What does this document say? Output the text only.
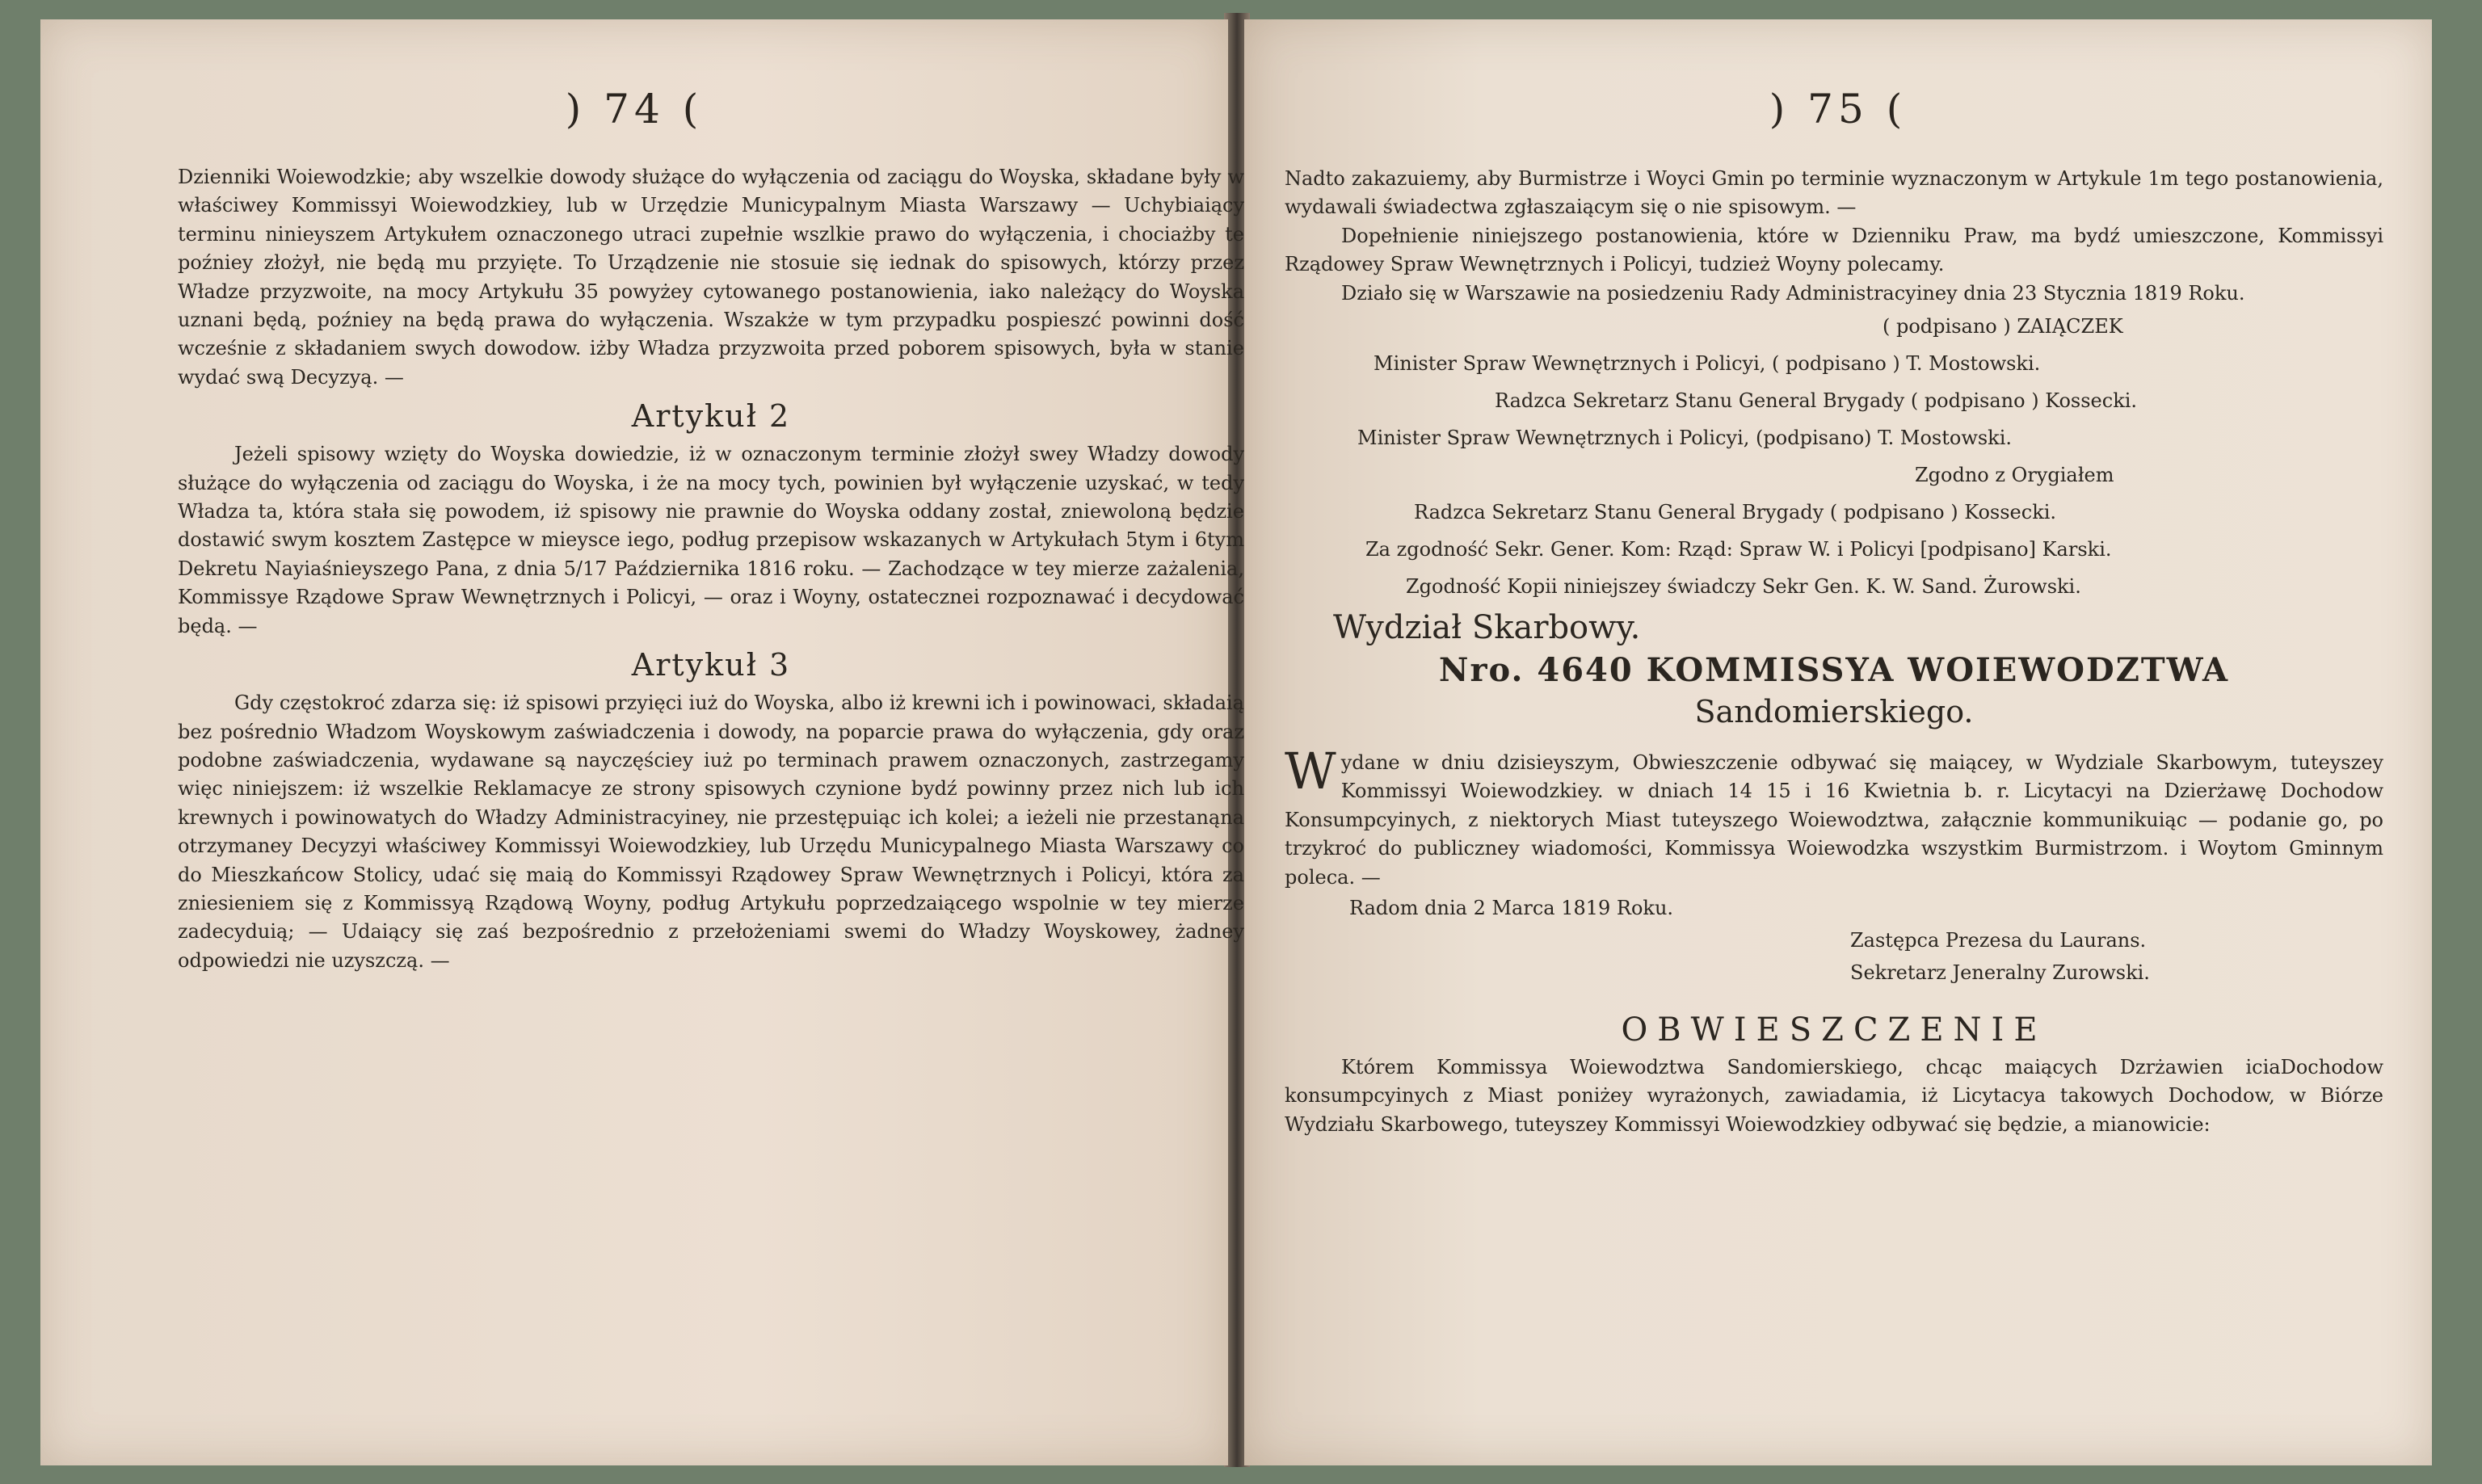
) 74 (

Dzienniki Woiewodzkie; aby wszelkie dowody służące do wyłączenia od zaciągu do Woyska, składane były w właściwey Kommissyi Woiewodzkiey, lub w Urzędzie Municypalnym Miasta Warszawy — Uchybiaiący terminu ninieyszem Artykułem oznaczonego utraci zupełnie wszlkie prawo do wyłączenia, i chociażby te poźniey złożył, nie będą mu przyięte. To Urządzenie nie stosuie się iednak do spisowych, którzy przez Władze przyzwoite, na mocy Artykułu 35 powyżey cytowanego postanowienia, iako należący do Woyska uznani będą, poźniey na będą prawa do wyłączenia. Wszakże w tym przypadku pospieszć powinni dość wcześnie z składaniem swych dowodow. iżby Władza przyzwoita przed poborem spisowych, była w stanie wydać swą Decyzyą. —

Artykuł 2

Jeżeli spisowy wzięty do Woyska dowiedzie, iż w oznaczonym terminie złożył swey Władzy dowody służące do wyłączenia od zaciągu do Woyska, i że na mocy tych, powinien był wyłączenie uzyskać, w tedy Władza ta, która stała się powodem, iż spisowy nie prawnie do Woyska oddany został, zniewoloną będzie dostawić swym kosztem Zastępce w mieysce iego, podług przepisow wskazanych w Artykułach 5tym i 6tym Dekretu Nayiaśnieyszego Pana, z dnia 5/17 Października 1816 roku. — Zachodzące w tey mierze zażalenia, Kommissye Rządowe Spraw Wewnętrznych i Policyi, — oraz i Woyny, ostatecznei rozpoznawać i decydować będą. —

Artykuł 3

Gdy częstokroć zdarza się: iż spisowi przyięci iuż do Woyska, albo iż krewni ich i powinowaci, składaią bez pośrednio Władzom Woyskowym zaświadczenia i dowody, na poparcie prawa do wyłączenia, gdy oraz podobne zaświadczenia, wydawane są nayczęściey iuż po terminach prawem oznaczonych, zastrzegamy więc niniejszem: iż wszelkie Reklamacye ze strony spisowych czynione bydź powinny przez nich lub ich krewnych i powinowatych do Władzy Administracyiney, nie przestępuiąc ich kolei; a ieżeli nie przestanąna otrzymaney Decyzyi właściwey Kommissyi Woiewodzkiey, lub Urzędu Municypalnego Miasta Warszawy co do Mieszkańcow Stolicy, udać się maią do Kommissyi Rządowey Spraw Wewnętrznych i Policyi, która za zniesieniem się z Kommissyą Rządową Woyny, podług Artykułu poprzedzaiącego wspolnie w tey mierze zadecyduią; — Udaiący się zaś bezpośrednio z przełożeniami swemi do Władzy Woyskowey, żadney odpowiedzi nie uzyszczą. —

) 75 (

Nadto zakazuiemy, aby Burmistrze i Woyci Gmin po terminie wyznaczonym w Artykule 1m tego postanowienia, wydawali świadectwa zgłaszaiącym się o nie spisowym. —

Dopełnienie niniejszego postanowienia, które w Dzienniku Praw, ma bydź umieszczone, Kommissyi Rządowey Spraw Wewnętrznych i Policyi, tudzież Woyny polecamy.

Działo się w Warszawie na posiedzeniu Rady Administracyiney dnia 23 Stycznia 1819 Roku.

( podpisano ) ZAIĄCZEK

Minister Spraw Wewnętrznych i Policyi, ( podpisano ) T. Mostowski.

Radzca Sekretarz Stanu General Brygady ( podpisano ) Kossecki.

Minister Spraw Wewnętrznych i Policyi, (podpisano) T. Mostowski.

Zgodno z Orygiałem

Radzca Sekretarz Stanu General Brygady ( podpisano ) Kossecki.

Za zgodność Sekr. Gener. Kom: Rząd: Spraw W. i Policyi [podpisano] Karski.

Zgodność Kopii niniejszey świadczy Sekr Gen. K. W. Sand. Żurowski.

Wydział Skarbowy.

Nro. 4640 KOMMISSYA WOIEWODZTWA

Sandomierskiego.

Wydane w dniu dzisieyszym, Obwieszczenie odbywać się maiącey, w Wydziale Skarbowym, tuteyszey Kommissyi Woiewodzkiey. w dniach 14 15 i 16 Kwietnia b. r. Licytacyi na Dzierżawę Dochodow Konsumpcyinych, z niektorych Miast tuteyszego Woiewodztwa, załącznie kommunikuiąc — podanie go, po trzykroć do publiczney wiadomości, Kommissya Woiewodzka wszystkim Burmistrzom. i Woytom Gminnym poleca. —

Radom dnia 2 Marca 1819 Roku.

Zastępca Prezesa du Laurans.

Sekretarz Jeneralny Zurowski.

OBWIESZCZENIE

Którem Kommissya Woiewodztwa Sandomierskiego, chcąc maiących Dzrżawien iciaDochodow konsumpcyinych z Miast poniżey wyrażonych, zawiadamia, iż Licytacya takowych Dochodow, w Biórze Wydziału Skarbowego, tuteyszey Kommissyi Woiewodzkiey odbywać się będzie, a mianowicie:
